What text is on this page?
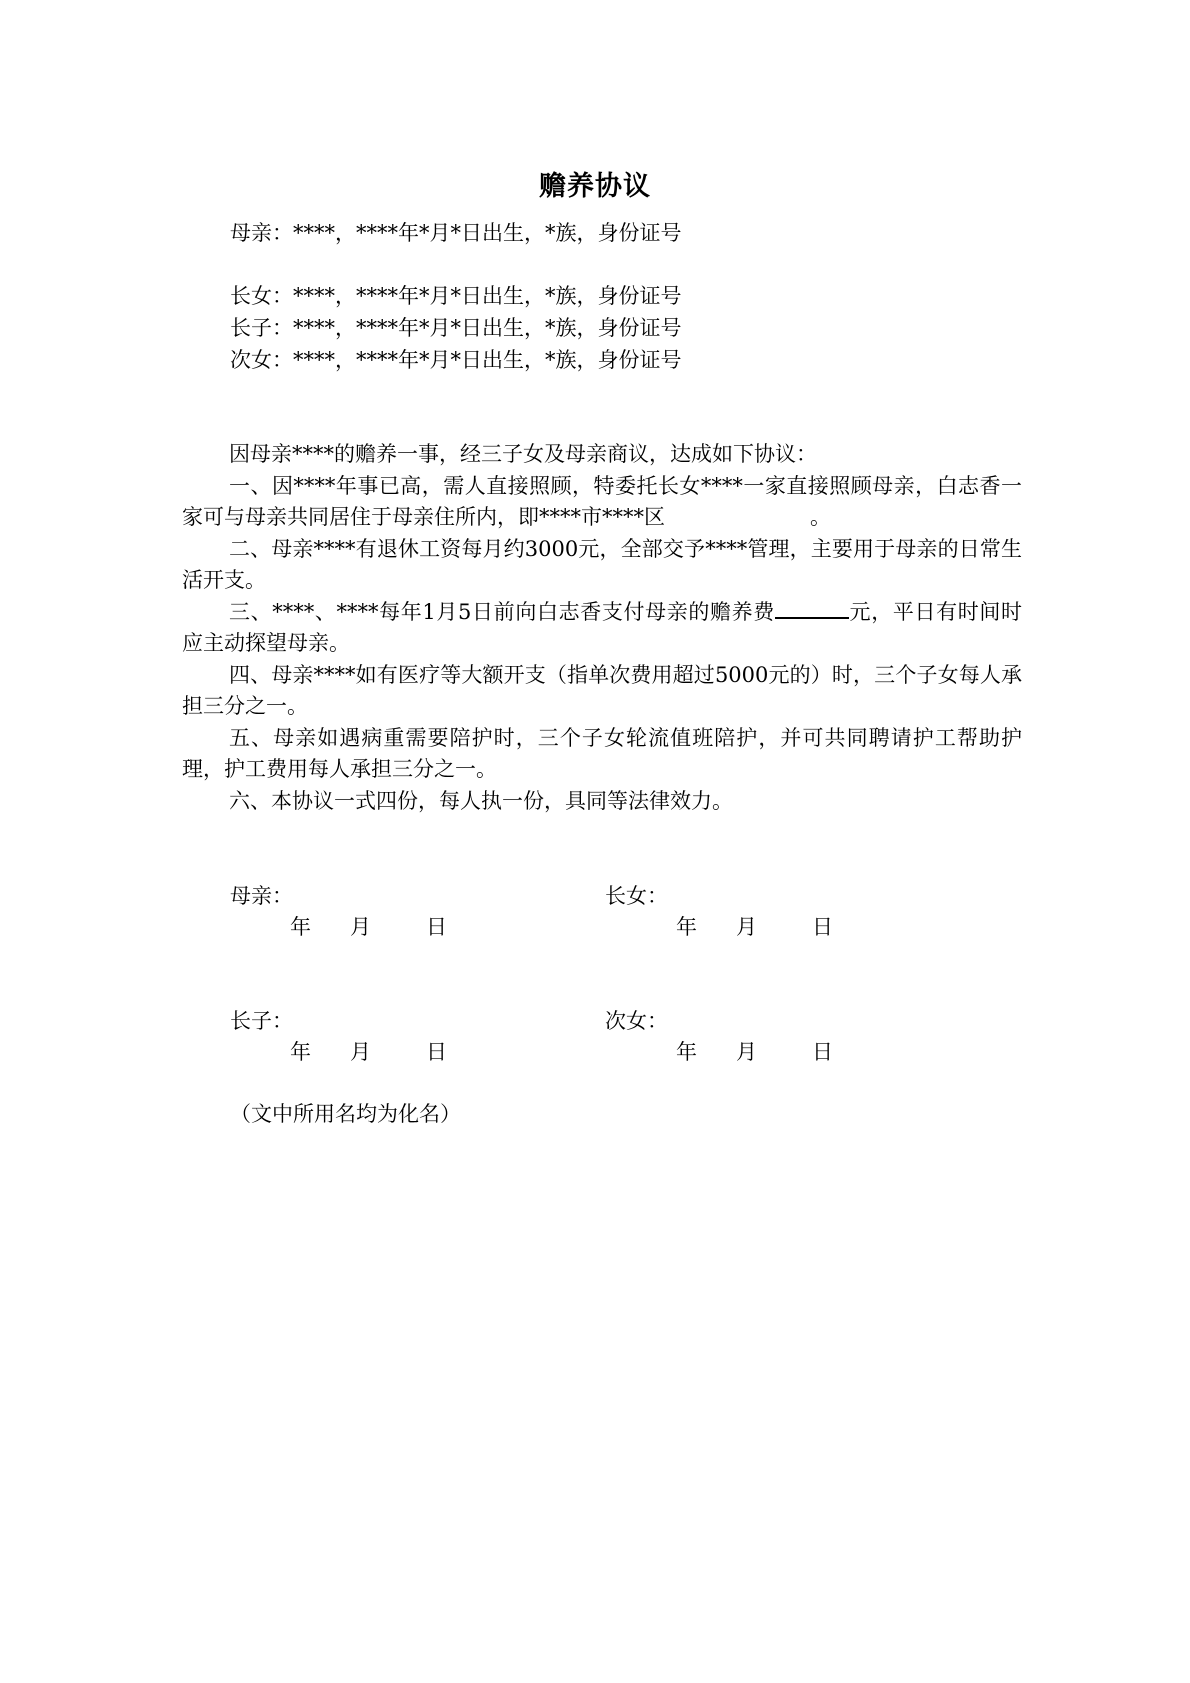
赡养协议
母亲：****，****年*月*日出生，*族，身份证号
长女：****，****年*月*日出生，*族，身份证号
长子：****，****年*月*日出生，*族，身份证号
次女：****，****年*月*日出生，*族，身份证号

因母亲****的赡养一事，经三子女及母亲商议，达成如下协议：

一、因****年事已高，需人直接照顾，特委托长女****一家直接照顾母亲，白志香一家可与母亲共同居住于母亲住所内，即****市****区	。

二、母亲****有退休工资每月约3000元，全部交予****管理，主要用于母亲的日常生活开支。

三、****、****每年1月5日前向白志香支付母亲的赡养费	元，平日有时间时应主动探望母亲。

四、母亲****如有医疗等大额开支（指单次费用超过5000元的）时，三个子女每人承担三分之一。

五、母亲如遇病重需要陪护时，三个子女轮流值班陪护，并可共同聘请护工帮助护理，护工费用每人承担三分之一。

六、本协议一式四份，每人执一份，具同等法律效力。

母亲：
年 月	日
长女：
年 月	日
长子：
年 月	日
次女：
年 月	日
（文中所用名均为化名）
